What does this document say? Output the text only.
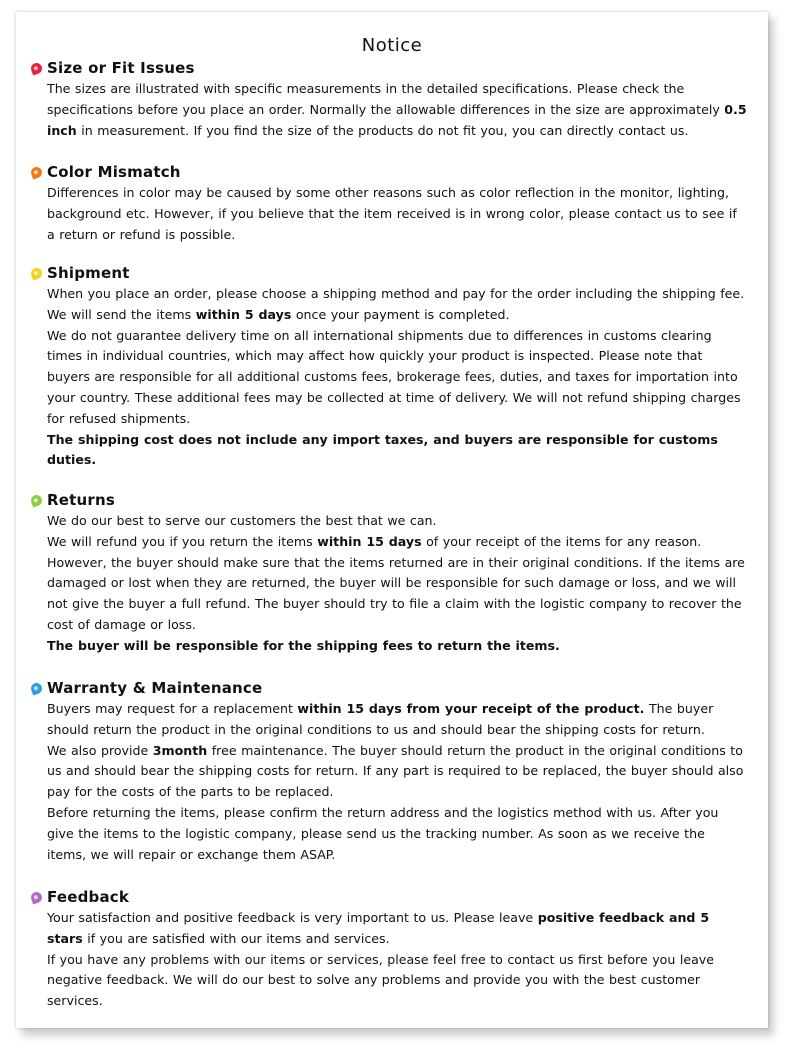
Notice
Size or Fit Issues

The sizes are illustrated with specific measurements in the detailed specifications. Please check the specifications before you place an order. Normally the allowable differences in the size are approximately 0.5 inch in measurement. If you find the size of the products do not fit you, you can directly contact us.

Color Mismatch

Differences in color may be caused by some other reasons such as color reflection in the monitor, lighting, background etc. However, if you believe that the item received is in wrong color, please contact us to see if a return or refund is possible.

Shipment

When you place an order, please choose a shipping method and pay for the order including the shipping fee. We will send the items within 5 days once your payment is completed.

We do not guarantee delivery time on all international shipments due to differences in customs clearing times in individual countries, which may affect how quickly your product is inspected. Please note that buyers are responsible for all additional customs fees, brokerage fees, duties, and taxes for importation into your country. These additional fees may be collected at time of delivery. We will not refund shipping charges for refused shipments.

The shipping cost does not include any import taxes, and buyers are responsible for customs duties.

Returns

We do our best to serve our customers the best that we can.

We will refund you if you return the items within 15 days of your receipt of the items for any reason. However, the buyer should make sure that the items returned are in their original conditions. If the items are damaged or lost when they are returned, the buyer will be responsible for such damage or loss, and we will not give the buyer a full refund. The buyer should try to file a claim with the logistic company to recover the cost of damage or loss.

The buyer will be responsible for the shipping fees to return the items.

Warranty & Maintenance

Buyers may request for a replacement within 15 days from your receipt of the product. The buyer should return the product in the original conditions to us and should bear the shipping costs for return.

We also provide 3month free maintenance. The buyer should return the product in the original conditions to us and should bear the shipping costs for return. If any part is required to be replaced, the buyer should also pay for the costs of the parts to be replaced.

Before returning the items, please confirm the return address and the logistics method with us. After you give the items to the logistic company, please send us the tracking number. As soon as we receive the items, we will repair or exchange them ASAP.

Feedback

Your satisfaction and positive feedback is very important to us. Please leave positive feedback and 5 stars if you are satisfied with our items and services.

If you have any problems with our items or services, please feel free to contact us first before you leave negative feedback. We will do our best to solve any problems and provide you with the best customer services.
